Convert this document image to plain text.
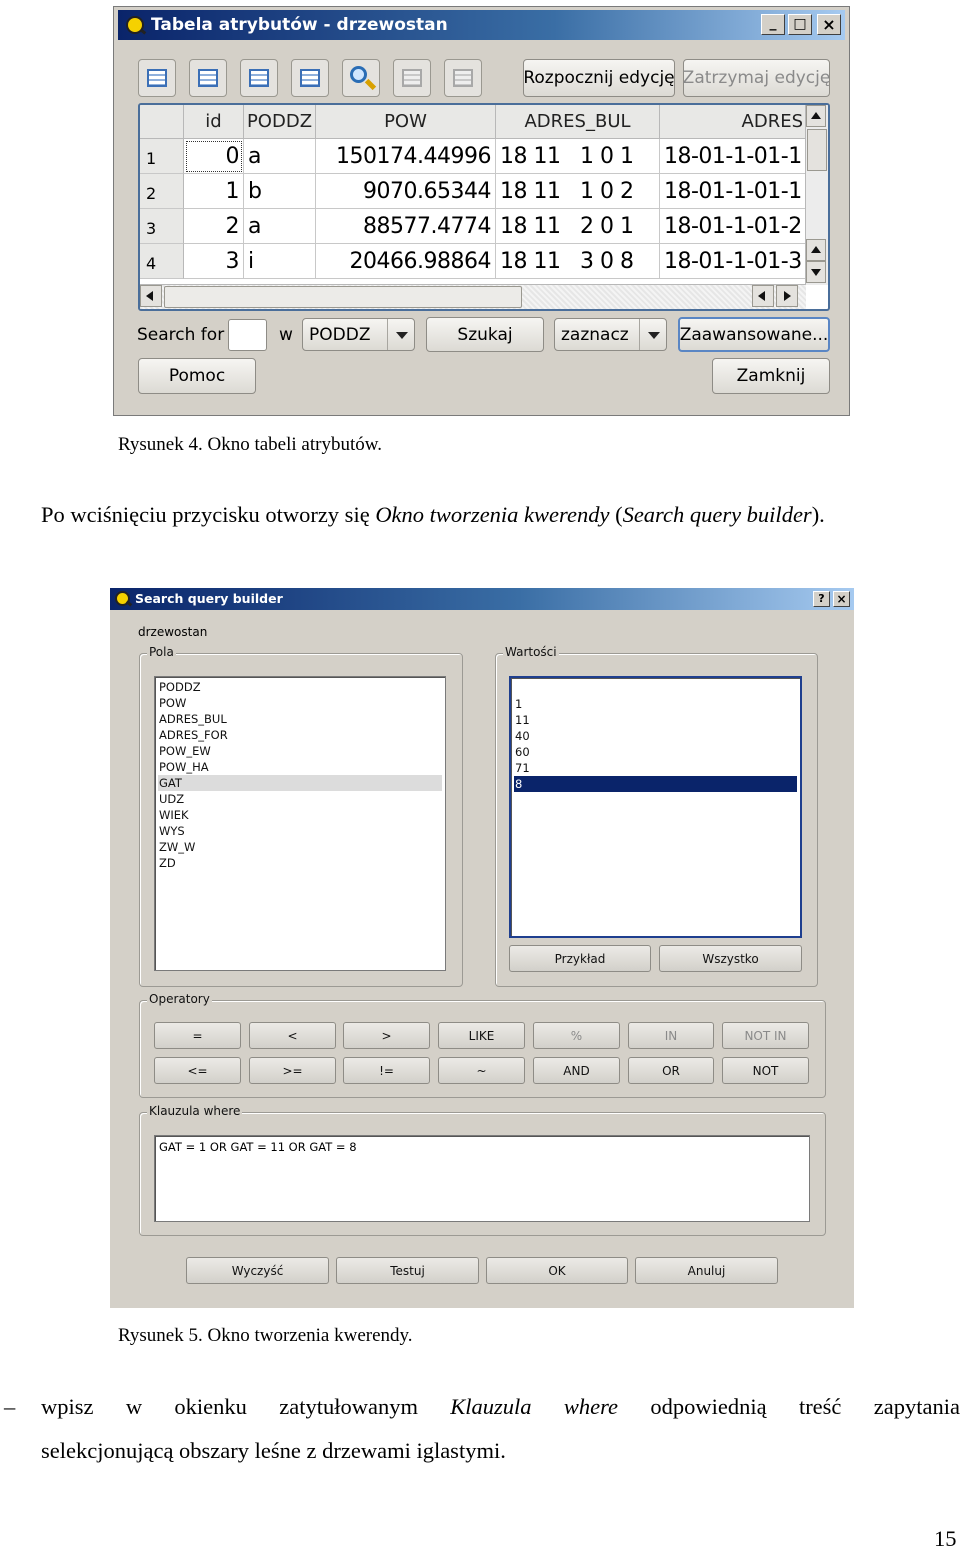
Tabela atrybutów - drzewostan	_	□ ×
Rozpocznij edycję Zatrzymaj edycję
id	PODDZ	POW	ADRES_BUL	ADRES
1	0 a	150174.44996 18 11   1 0 1	18-01-1-01-1
2	1 b	9070.65344 18 11   1 0 2	18-01-1-01-1
3	2 a	88577.4774 18 11   2 0 1	18-01-1-01-2
4	3 i	20466.98864 18 11   3 0 8	18-01-1-01-3
Search for	w PODDZ	Szukaj	zaznacz	Zaawansowane...
Pomoc	Zamknij
Rysunek 4. Okno tabeli atrybutów.
Po wciśnięciu przycisku otworzy się Okno tworzenia kwerendy (Search query builder).
Search query builder	? ×
drzewostan
Pola
PODDZ
POW
ADRES_BUL
ADRES_FOR
POW_EW
POW_HA
GAT
UDZ
WIEK
WYS
ZW_W
ZD
Wartości
1
11
40
60
71
8
Przykład	Wszystko
Operatory
=	<	>	LIKE	%	IN	NOT IN
<=	>=	!=	~	AND	OR	NOT
Klauzula where
GAT = 1 OR GAT = 11 OR GAT = 8
Wyczyść	Testuj	OK	Anuluj
Rysunek 5. Okno tworzenia kwerendy.
– wpisz w okienku zatytułowanym Klauzula where odpowiednią treść zapytania
selekcjonującą obszary leśne z drzewami iglastymi.
15
